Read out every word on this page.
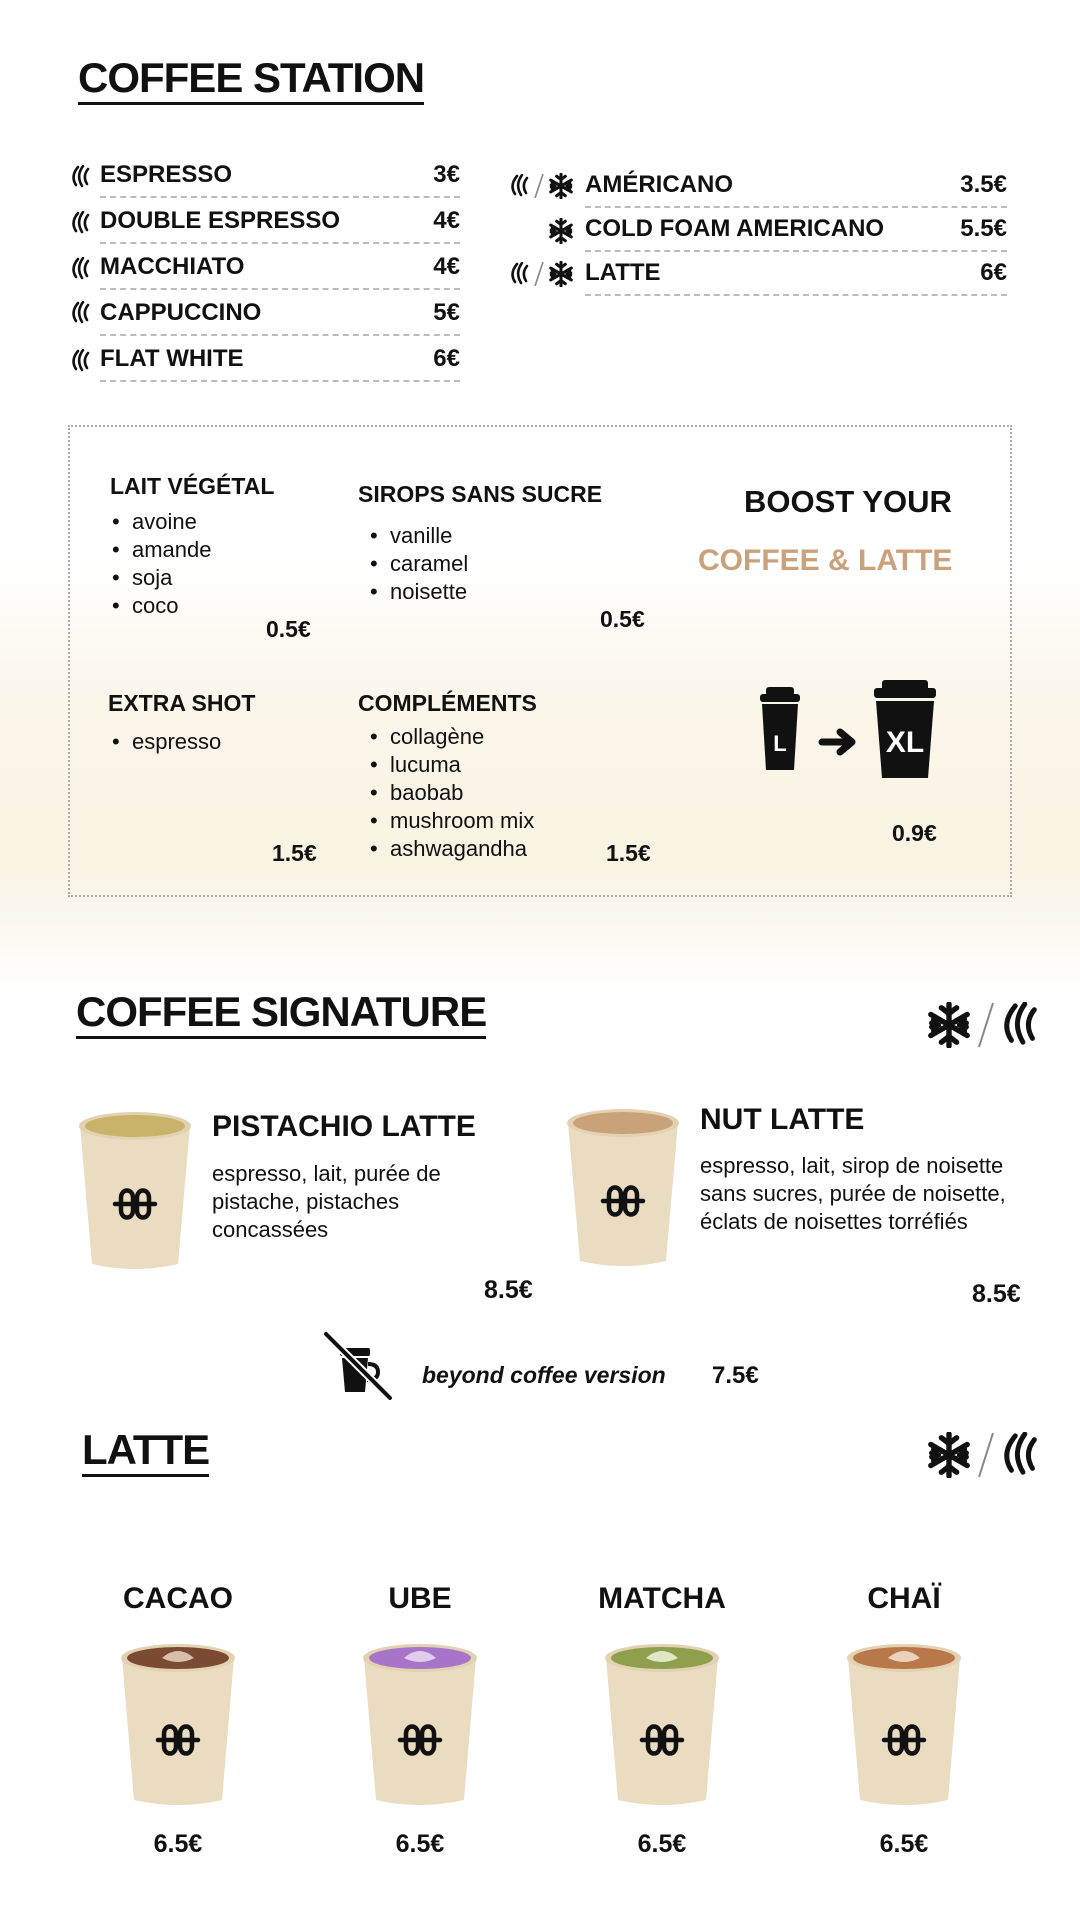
COFFEE STATION
ESPRESSO	3€
DOUBLE ESPRESSO	4€
MACCHIATO	4€
CAPPUCCINO	5€
FLAT WHITE	6€
AMÉRICANO	3.5€
COLD FOAM AMERICANO	5.5€
LATTE	6€
LAIT VÉGÉTAL
• avoine
• amande
• soja
• coco
0.5€
SIROPS SANS SUCRE
• vanille
• caramel
• noisette
0.5€
BOOST YOUR
COFFEE & LATTE
EXTRA SHOT
• espresso
1.5€
COMPLÉMENTS
• collagène
• lucuma
• baobab
• mushroom mix
• ashwagandha	1.5€
L	XL
0.9€
COFFEE SIGNATURE
PISTACHIO LATTE
espresso, lait, purée de pistache, pistaches concassées
8.5€
NUT LATTE
espresso, lait, sirop de noisette sans sucres, purée de noisette, éclats de noisettes torréfiés
8.5€
beyond coffee version 7.5€
LATTE
CACAO
6.5€
UBE
6.5€
MATCHA
6.5€
CHAÏ
6.5€
